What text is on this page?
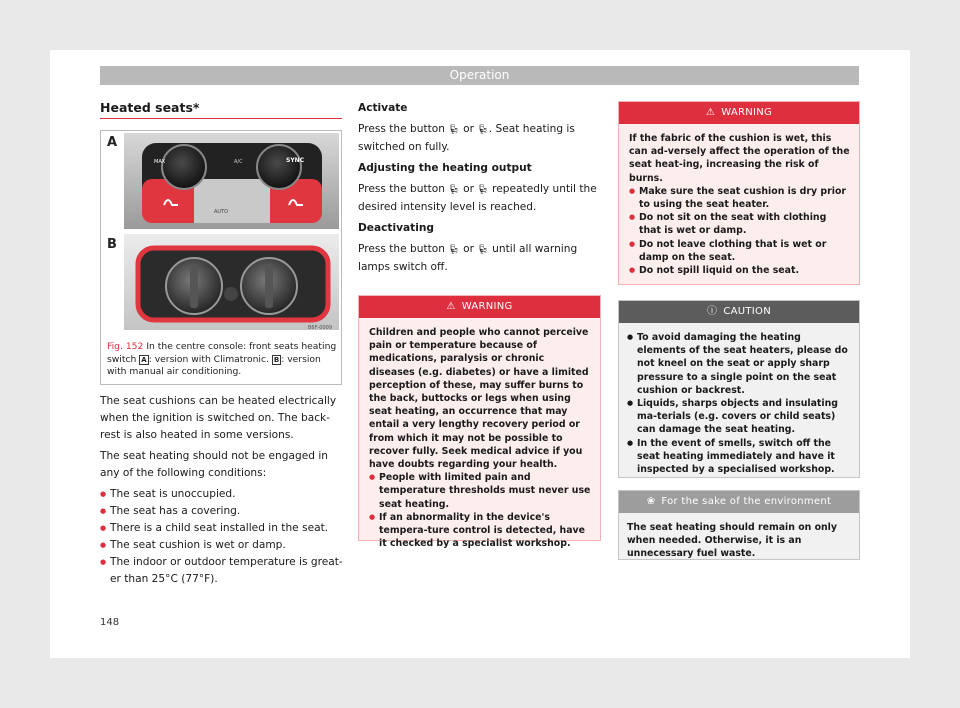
Operation
Heated seats*
A
B
MAX	SYNC
A/C
AUTO
B6F-0009
Fig. 152 In the centre console: front seats heating switch A : version with Climatronic. B : version with manual air conditioning.

The seat cushions can be heated electrically when the ignition is switched on. The back-rest is also heated in some versions.

The seat heating should not be engaged in any of the following conditions:

● The seat is unoccupied.
● The seat has a covering.
● There is a child seat installed in the seat.
● The seat cushion is wet or damp.
● The indoor or outdoor temperature is great-er than 25°C (77°F).

Activate

Press the button 💺︎ or 💺︎. Seat heating is switched on fully.

Adjusting the heating output

Press the button 💺︎ or 💺︎ repeatedly until the desired intensity level is reached.

Deactivating

Press the button 💺︎ or 💺︎ until all warning lamps switch off.

⚠ WARNING

Children and people who cannot perceive pain or temperature because of medications, paralysis or chronic diseases (e.g. diabetes) or have a limited perception of these, may suffer burns to the back, buttocks or legs when using seat heating, an occurrence that may entail a very lengthy recovery period or from which it may not be possible to recover fully. Seek medical advice if you have doubts regarding your health.

● People with limited pain and temperature thresholds must never use seat heating.
● If an abnormality in the device's tempera-ture control is detected, have it checked by a specialist workshop.
⚠ WARNING

If the fabric of the cushion is wet, this can ad-versely affect the operation of the seat heat-ing, increasing the risk of burns.

● Make sure the seat cushion is dry prior to using the seat heater.
● Do not sit on the seat with clothing that is wet or damp.
● Do not leave clothing that is wet or damp on the seat.
● Do not spill liquid on the seat.
ⓘ CAUTION
● To avoid damaging the heating elements of the seat heaters, please do not kneel on the seat or apply sharp pressure to a single point on the seat cushion or backrest.
● Liquids, sharps objects and insulating ma-terials (e.g. covers or child seats) can damage the seat heating.
● In the event of smells, switch off the seat heating immediately and have it inspected by a specialised workshop.
❀ For the sake of the environment

The seat heating should remain on only when needed. Otherwise, it is an unnecessary fuel waste.

148
